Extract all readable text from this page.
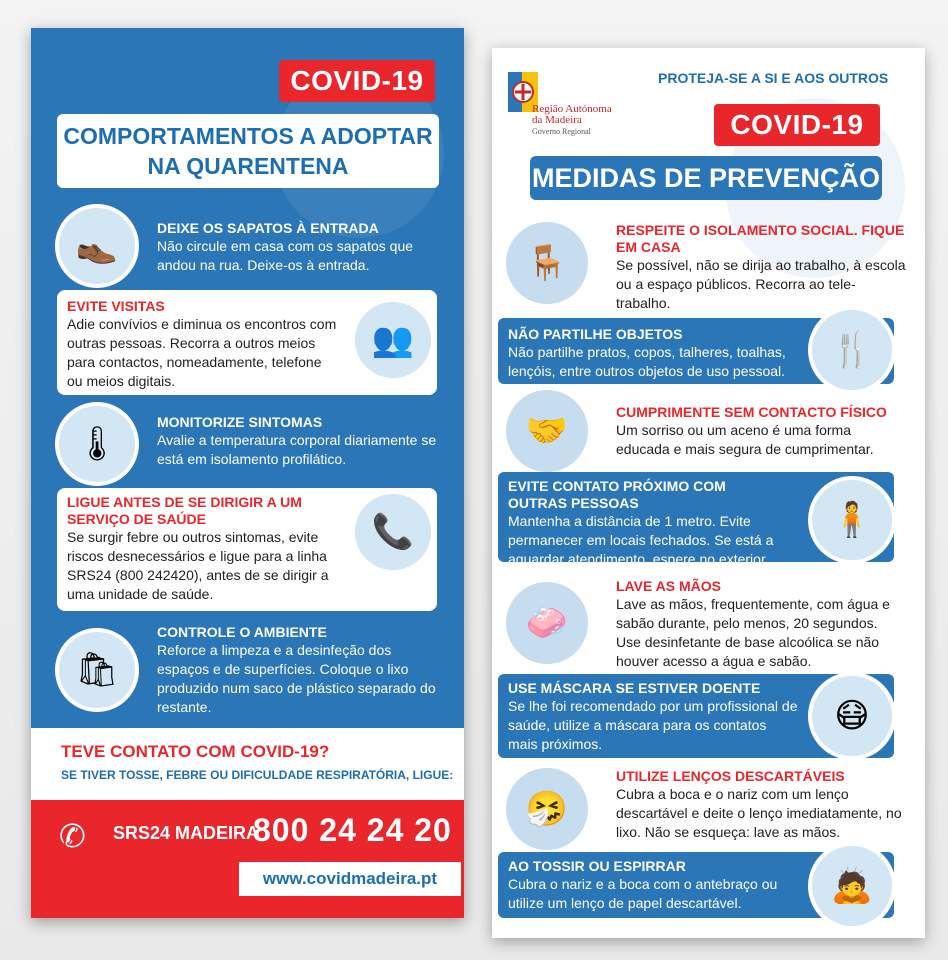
COVID-19
COMPORTAMENTOS A ADOPTAR
NA QUARENTENA
👞	DEIXE OS SAPATOS À ENTRADA
Não circule em casa com os sapatos que andou na rua. Deixe-os à entrada.
EVITE VISITAS
Adie convívios e diminua os encontros com outras pessoas. Recorra a outros meios para contactos, nomeadamente, telefone ou meios digitais.
👥
🌡
MONITORIZE SINTOMAS
Avalie a temperatura corporal diariamente se está em isolamento profilático.
LIGUE ANTES DE SE DIRIGIR A UM SERVIÇO DE SAÚDE
Se surgir febre ou outros sintomas, evite riscos desnecessários e ligue para a linha SRS24 (800 242420), antes de se dirigir a uma unidade de saúde.
📞
🛍
CONTROLE O AMBIENTE
Reforce a limpeza e a desinfeção dos espaços e de superfícies. Coloque o lixo produzido num saco de plástico separado do restante.
TEVE CONTATO COM COVID-19?
SE TIVER TOSSE, FEBRE OU DIFICULDADE RESPIRATÓRIA, LIGUE:
✆ SRS24 MADEIRA
800 24 24 20
www.covidmadeira.pt
Região Autónoma
da Madeira
Governo Regional
PROTEJA-SE A SI E AOS OUTROS
COVID-19
MEDIDAS DE PREVENÇÃO
🪑
RESPEITE O ISOLAMENTO SOCIAL. FIQUE EM CASA
Se possível, não se dirija ao trabalho, à escola ou a espaço públicos. Recorra ao tele-trabalho.
NÃO PARTILHE OBJETOS
Não partilhe pratos, copos, talheres, toalhas, lençóis, entre outros objetos de uso pessoal.
🍴
🤝	CUMPRIMENTE SEM CONTACTO FÍSICO
Um sorriso ou um aceno é uma forma educada e mais segura de cumprimentar.
EVITE CONTATO PRÓXIMO COM OUTRAS PESSOAS
Mantenha a distância de 1 metro. Evite permanecer em locais fechados. Se está a aguardar atendimento, espere no exterior.
🧍
🧼
LAVE AS MÃOS
Lave as mãos, frequentemente, com água e sabão durante, pelo menos, 20 segundos. Use desinfetante de base alcoólica se não houver acesso a água e sabão.
USE MÁSCARA SE ESTIVER DOENTE
Se lhe foi recomendado por um profissional de saúde, utilize a máscara para os contatos mais próximos.
😷
🤧
UTILIZE LENÇOS DESCARTÁVEIS
Cubra a boca e o nariz com um lenço descartável e deite o lenço imediatamente, no lixo. Não se esqueça: lave as mãos.
AO TOSSIR OU ESPIRRAR
Cubra o nariz e a boca com o antebraço ou utilize um lenço de papel descartável.	🙇
